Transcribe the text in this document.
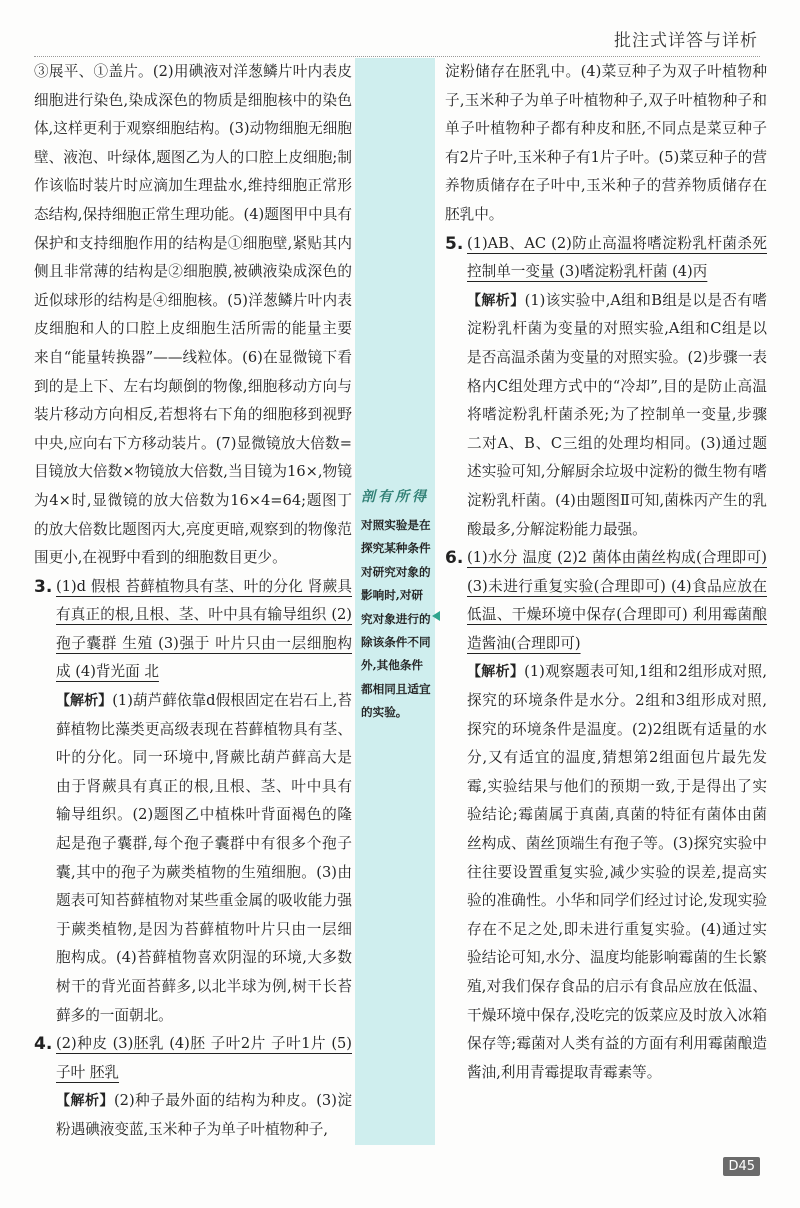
批注式详答与详析

③展平、①盖片。(2)用碘液对洋葱鳞片叶内表皮细胞进行染色,染成深色的物质是细胞核中的染色体,这样更利于观察细胞结构。(3)动物细胞无细胞壁、液泡、叶绿体,题图乙为人的口腔上皮细胞;制作该临时装片时应滴加生理盐水,维持细胞正常形态结构,保持细胞正常生理功能。(4)题图甲中具有保护和支持细胞作用的结构是①细胞壁,紧贴其内侧且非常薄的结构是②细胞膜,被碘液染成深色的近似球形的结构是④细胞核。(5)洋葱鳞片叶内表皮细胞和人的口腔上皮细胞生活所需的能量主要来自“能量转换器”——线粒体。(6)在显微镜下看到的是上下、左右均颠倒的物像,细胞移动方向与装片移动方向相反,若想将右下角的细胞移到视野中央,应向右下方移动装片。(7)显微镜放大倍数=目镜放大倍数×物镜放大倍数,当目镜为16×,物镜为4×时,显微镜的放大倍数为16×4=64;题图丁的放大倍数比题图丙大,亮度更暗,观察到的物像范围更小,在视野中看到的细胞数目更少。

3. (1)d 假根 苔藓植物具有茎、叶的分化 肾蕨具有真正的根,且根、茎、叶中具有输导组织 (2)孢子囊群 生殖 (3)强于 叶片只由一层细胞构成 (4)背光面 北

【解析】(1)葫芦藓依靠d假根固定在岩石上,苔藓植物比藻类更高级表现在苔藓植物具有茎、叶的分化。同一环境中,肾蕨比葫芦藓高大是由于肾蕨具有真正的根,且根、茎、叶中具有输导组织。(2)题图乙中植株叶背面褐色的隆起是孢子囊群,每个孢子囊群中有很多个孢子囊,其中的孢子为蕨类植物的生殖细胞。(3)由题表可知苔藓植物对某些重金属的吸收能力强于蕨类植物,是因为苔藓植物叶片只由一层细胞构成。(4)苔藓植物喜欢阴湿的环境,大多数树干的背光面苔藓多,以北半球为例,树干长苔藓多的一面朝北。

4. (2)种皮 (3)胚乳 (4)胚 子叶2片 子叶1片 (5)子叶 胚乳

【解析】(2)种子最外面的结构为种皮。(3)淀粉遇碘液变蓝,玉米种子为单子叶植物种子,

剖有所得
对照实验是在探究某种条件对研究对象的影响时,对研究对象进行的除该条件不同外,其他条件都相同且适宜的实验。

淀粉储存在胚乳中。(4)菜豆种子为双子叶植物种子,玉米种子为单子叶植物种子,双子叶植物种子和单子叶植物种子都有种皮和胚,不同点是菜豆种子有2片子叶,玉米种子有1片子叶。(5)菜豆种子的营养物质储存在子叶中,玉米种子的营养物质储存在胚乳中。

5. (1)AB、AC (2)防止高温将嗜淀粉乳杆菌杀死 控制单一变量 (3)嗜淀粉乳杆菌 (4)丙

【解析】(1)该实验中,A组和B组是以是否有嗜淀粉乳杆菌为变量的对照实验,A组和C组是以是否高温杀菌为变量的对照实验。(2)步骤一表格内C组处理方式中的“冷却”,目的是防止高温将嗜淀粉乳杆菌杀死;为了控制单一变量,步骤二对A、B、C三组的处理均相同。(3)通过题述实验可知,分解厨余垃圾中淀粉的微生物有嗜淀粉乳杆菌。(4)由题图Ⅱ可知,菌株丙产生的乳酸最多,分解淀粉能力最强。

6. (1)水分 温度 (2)2 菌体由菌丝构成(合理即可) (3)未进行重复实验(合理即可) (4)食品应放在低温、干燥环境中保存(合理即可) 利用霉菌酿造酱油(合理即可)

【解析】(1)观察题表可知,1组和2组形成对照,探究的环境条件是水分。2组和3组形成对照,探究的环境条件是温度。(2)2组既有适量的水分,又有适宜的温度,猜想第2组面包片最先发霉,实验结果与他们的预期一致,于是得出了实验结论;霉菌属于真菌,真菌的特征有菌体由菌丝构成、菌丝顶端生有孢子等。(3)探究实验中往往要设置重复实验,减少实验的误差,提高实验的准确性。小华和同学们经过讨论,发现实验存在不足之处,即未进行重复实验。(4)通过实验结论可知,水分、温度均能影响霉菌的生长繁殖,对我们保存食品的启示有食品应放在低温、干燥环境中保存,没吃完的饭菜应及时放入冰箱保存等;霉菌对人类有益的方面有利用霉菌酿造酱油,利用青霉提取青霉素等。

D45
